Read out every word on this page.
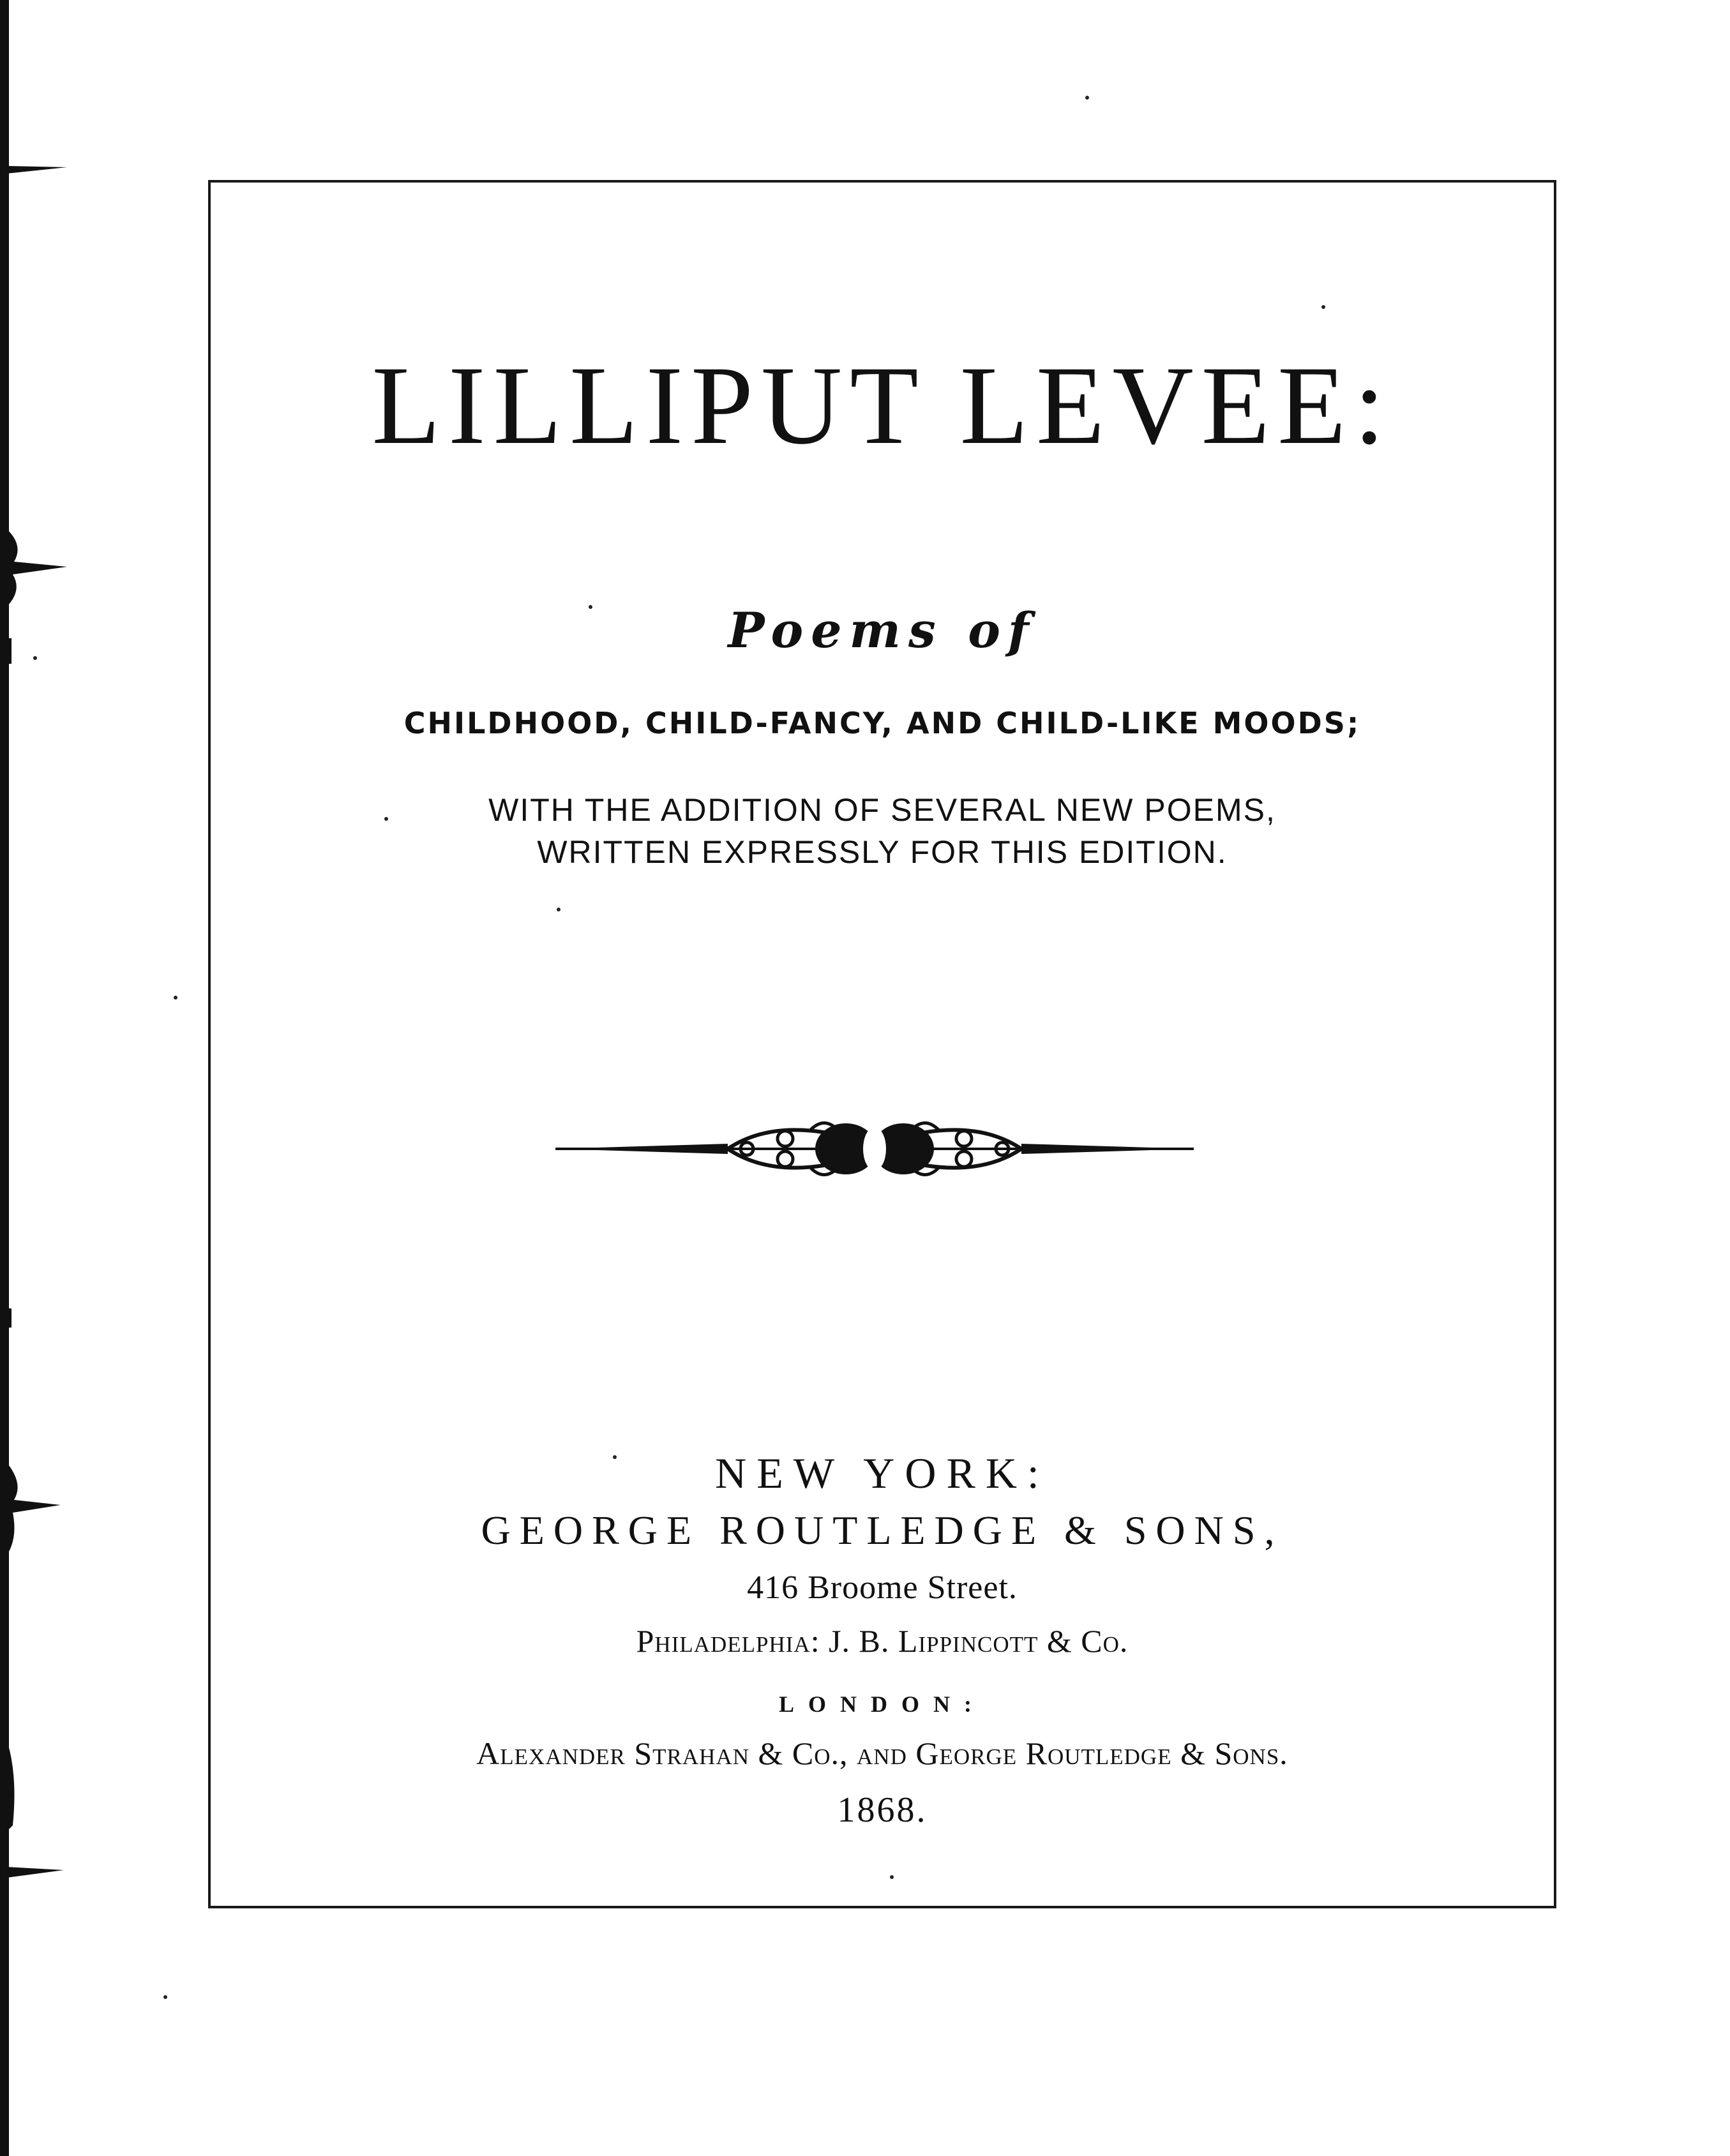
LILLIPUT LEVEE:
Poems of
CHILDHOOD, CHILD-FANCY, AND CHILD-LIKE MOODS;
WITH THE ADDITION OF SEVERAL NEW POEMS,
WRITTEN EXPRESSLY FOR THIS EDITION.
NEW YORK:
GEORGE ROUTLEDGE & SONS,
416 Broome Street.
Philadelphia: J. B. Lippincott & Co.
LONDON:
Alexander Strahan & Co., and George Routledge & Sons.
1868.
